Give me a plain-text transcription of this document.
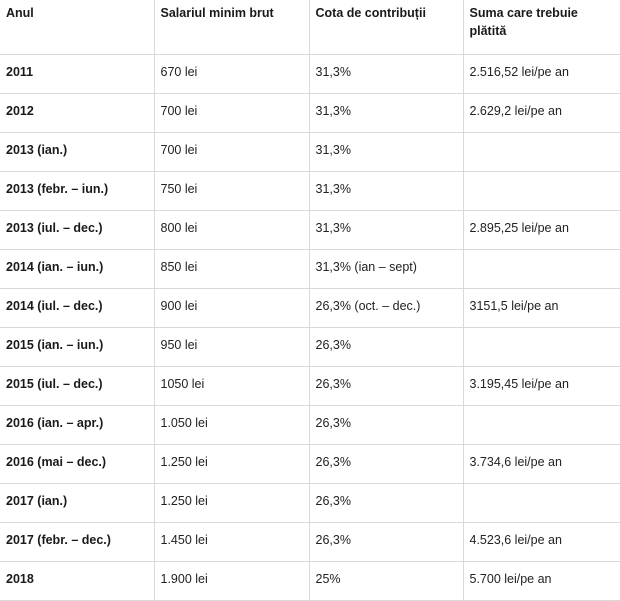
Anul	Salariul minim brut	Cota de contribuții	Suma care trebuie plătită
2011	670 lei	31,3%	2.516,52 lei/pe an
2012	700 lei	31,3%	2.629,2 lei/pe an
2013 (ian.)	700 lei	31,3%	
2013 (febr. – iun.)	750 lei	31,3%	
2013 (iul. – dec.)	800 lei	31,3%	2.895,25 lei/pe an
2014 (ian. – iun.)	850 lei	31,3% (ian – sept)	
2014 (iul. – dec.)	900 lei	26,3% (oct. – dec.)	3151,5 lei/pe an
2015 (ian. – iun.)	950 lei	26,3%	
2015 (iul. – dec.)	1050 lei	26,3%	3.195,45 lei/pe an
2016 (ian. – apr.)	1.050 lei	26,3%	
2016 (mai – dec.)	1.250 lei	26,3%	3.734,6 lei/pe an
2017 (ian.)	1.250 lei	26,3%	
2017 (febr. – dec.)	1.450 lei	26,3%	4.523,6 lei/pe an
2018	1.900 lei	25%	5.700 lei/pe an
